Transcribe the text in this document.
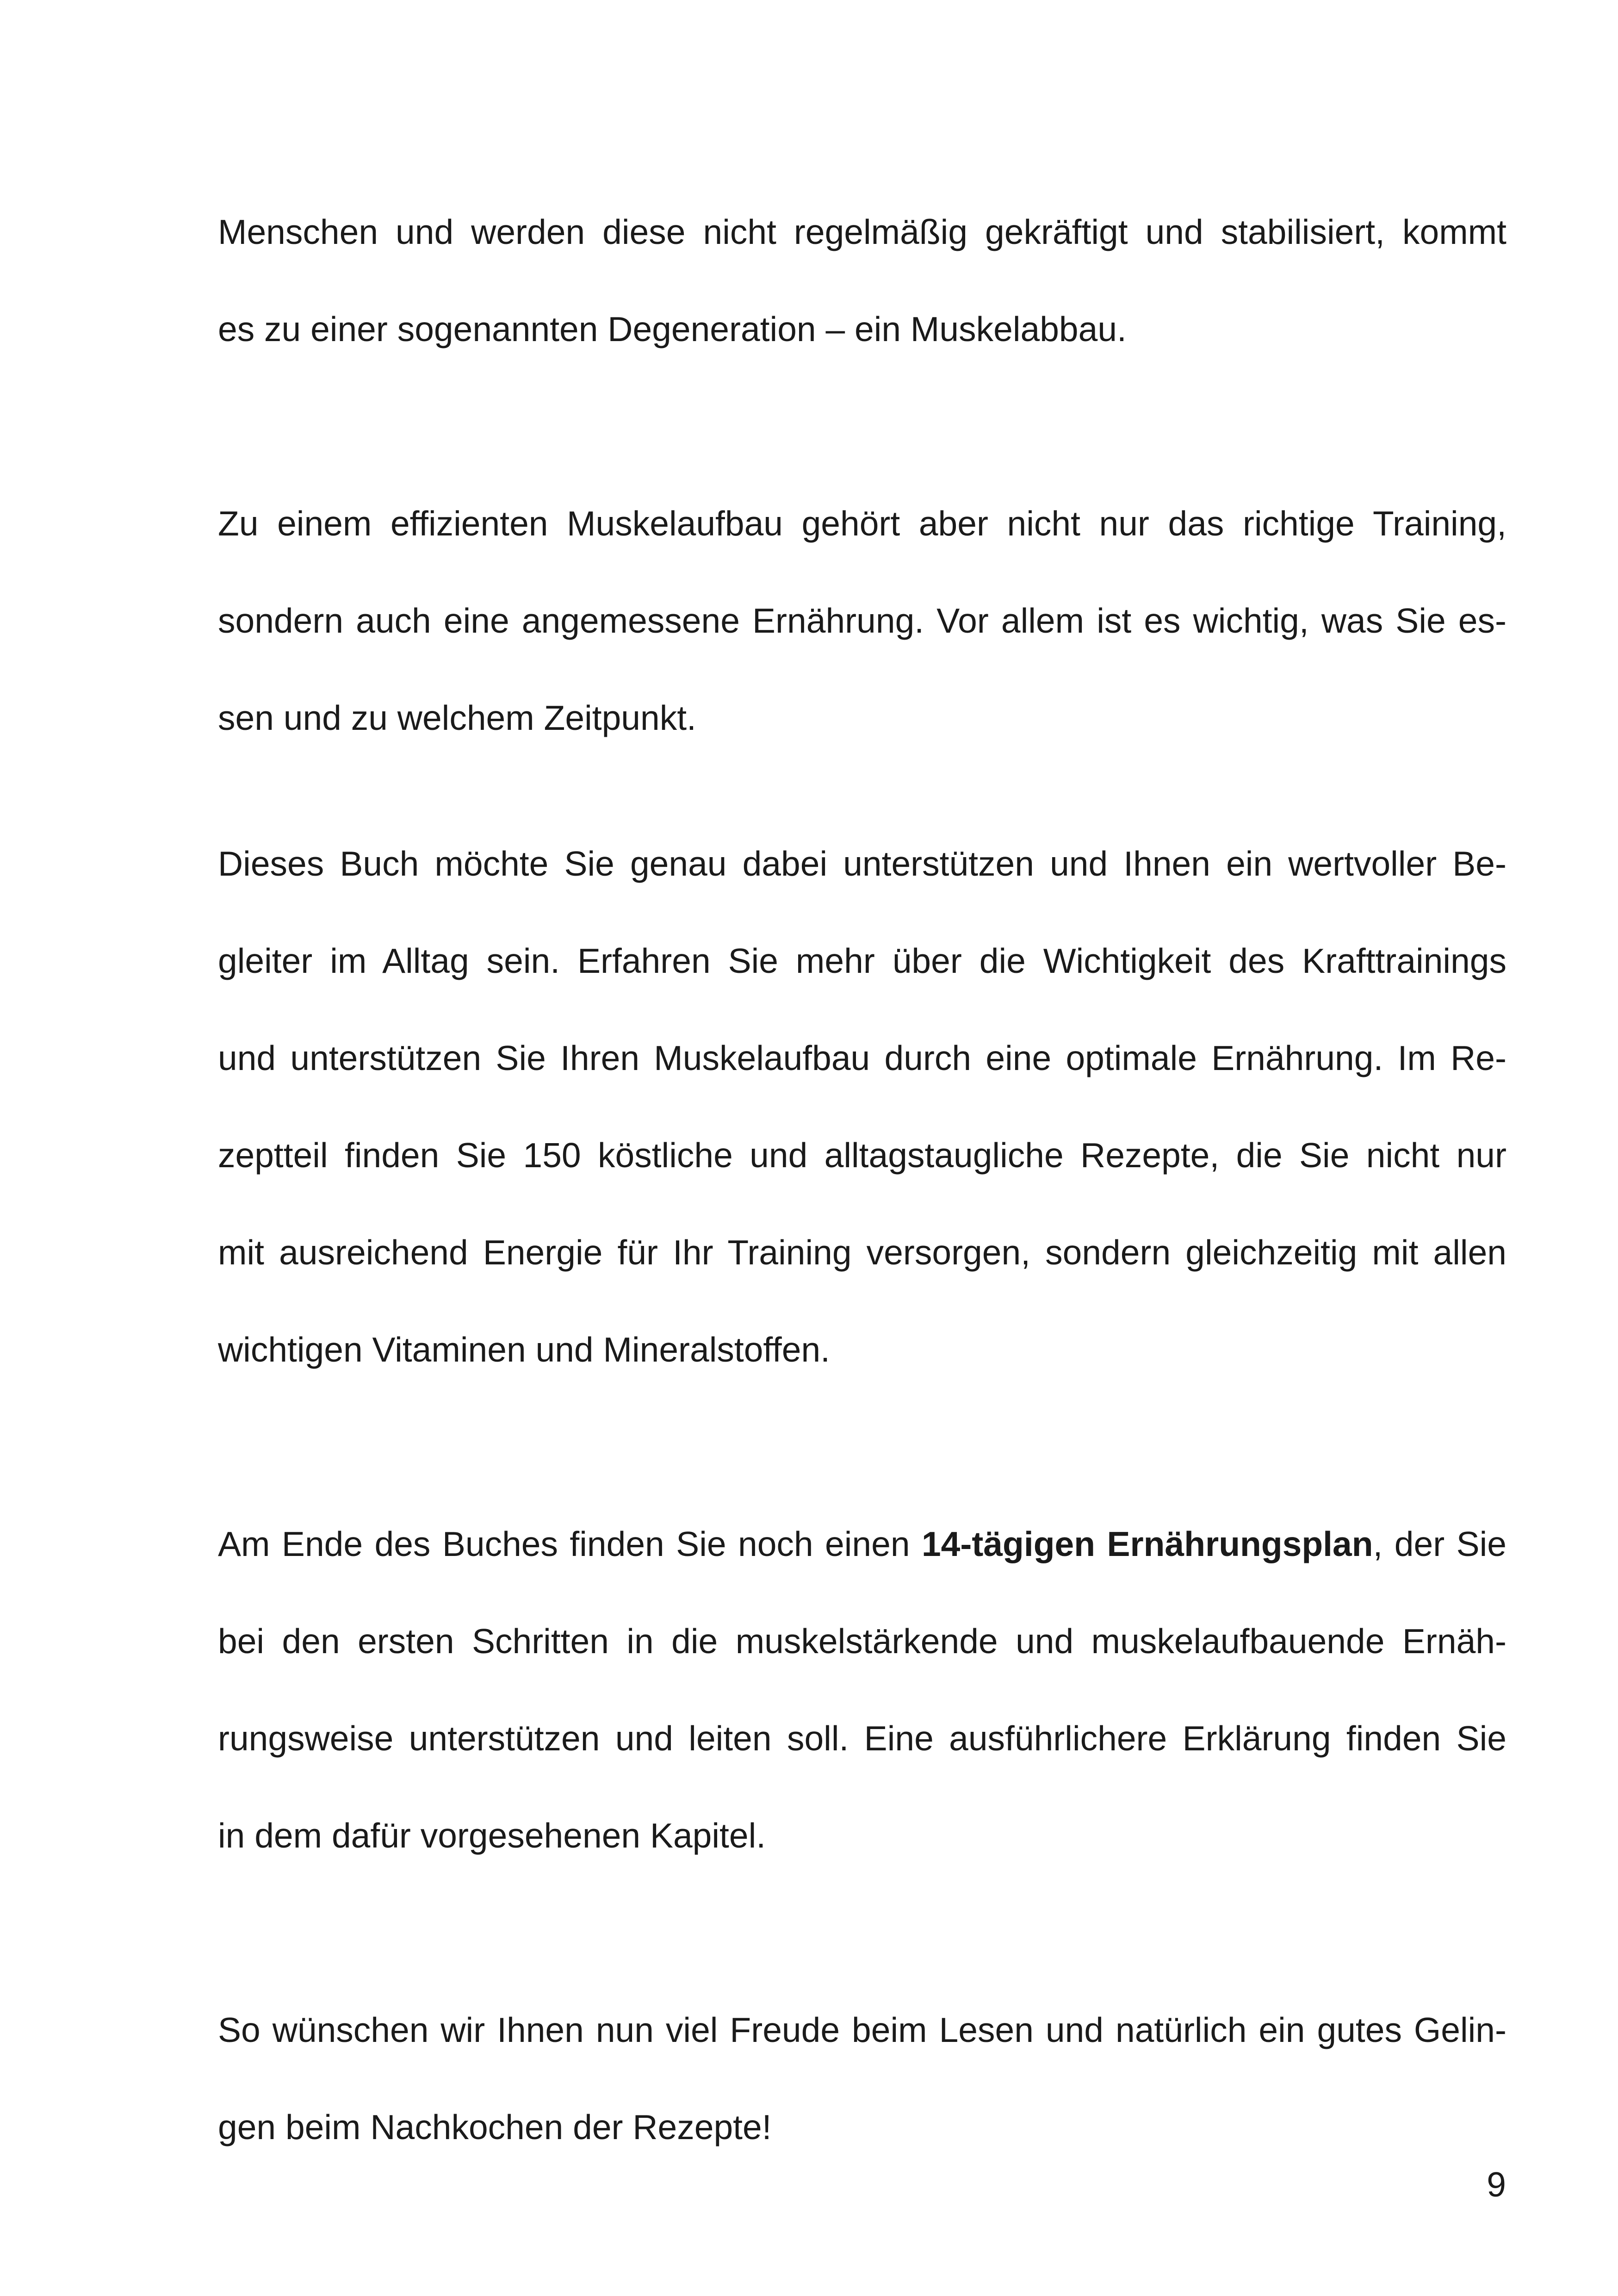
Menschen und werden diese nicht regelmäßig gekräftigt und stabilisiert, kommt

es zu einer sogenannten Degeneration – ein Muskelabbau.

Zu einem effizienten Muskelaufbau gehört aber nicht nur das richtige Training,

sondern auch eine angemessene Ernährung. Vor allem ist es wichtig, was Sie es-

sen und zu welchem Zeitpunkt.

Dieses Buch möchte Sie genau dabei unterstützen und Ihnen ein wertvoller Be-

gleiter im Alltag sein. Erfahren Sie mehr über die Wichtigkeit des Krafttrainings

und unterstützen Sie Ihren Muskelaufbau durch eine optimale Ernährung. Im Re-

zeptteil finden Sie 150 köstliche und alltagstaugliche Rezepte, die Sie nicht nur

mit ausreichend Energie für Ihr Training versorgen, sondern gleichzeitig mit allen

wichtigen Vitaminen und Mineralstoffen.

Am Ende des Buches finden Sie noch einen 14-tägigen Ernährungsplan, der Sie

bei den ersten Schritten in die muskelstärkende und muskelaufbauende Ernäh-

rungsweise unterstützen und leiten soll. Eine ausführlichere Erklärung finden Sie

in dem dafür vorgesehenen Kapitel.

So wünschen wir Ihnen nun viel Freude beim Lesen und natürlich ein gutes Gelin-

gen beim Nachkochen der Rezepte!

9
